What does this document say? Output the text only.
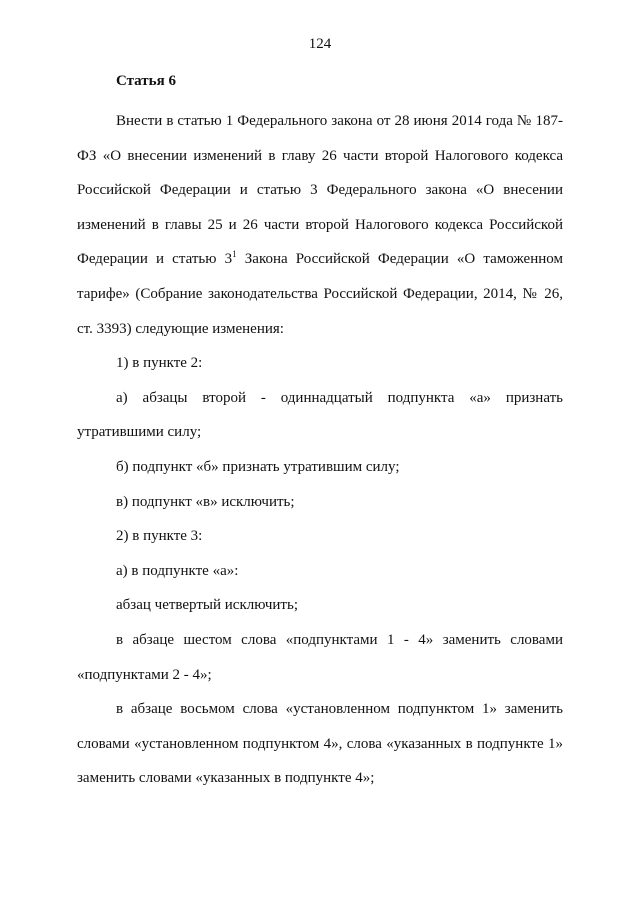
124
Статья 6

Внести в статью 1 Федерального закона от 28 июня 2014 года № 187-ФЗ «О внесении изменений в главу 26 части второй Налогового кодекса Российской Федерации и статью 3 Федерального закона «О внесении изменений в главы 25 и 26 части второй Налогового кодекса Российской Федерации и статью $3^1$ Закона Российской Федерации «О таможенном тарифе» (Собрание законодательства Российской Федерации, 2014, № 26, ст. 3393) следующие изменения:

1) в пункте 2:

а) абзацы второй - одиннадцатый подпункта «а» признать утратившими силу;

б) подпункт «б» признать утратившим силу;

в) подпункт «в» исключить;

2) в пункте 3:

а) в подпункте «а»:

абзац четвертый исключить;

в абзаце шестом слова «подпунктами 1 - 4» заменить словами «подпунктами 2 - 4»;

в абзаце восьмом слова «установленном подпунктом 1» заменить словами «установленном подпунктом 4», слова «указанных в подпункте 1» заменить словами «указанных в подпункте 4»;
